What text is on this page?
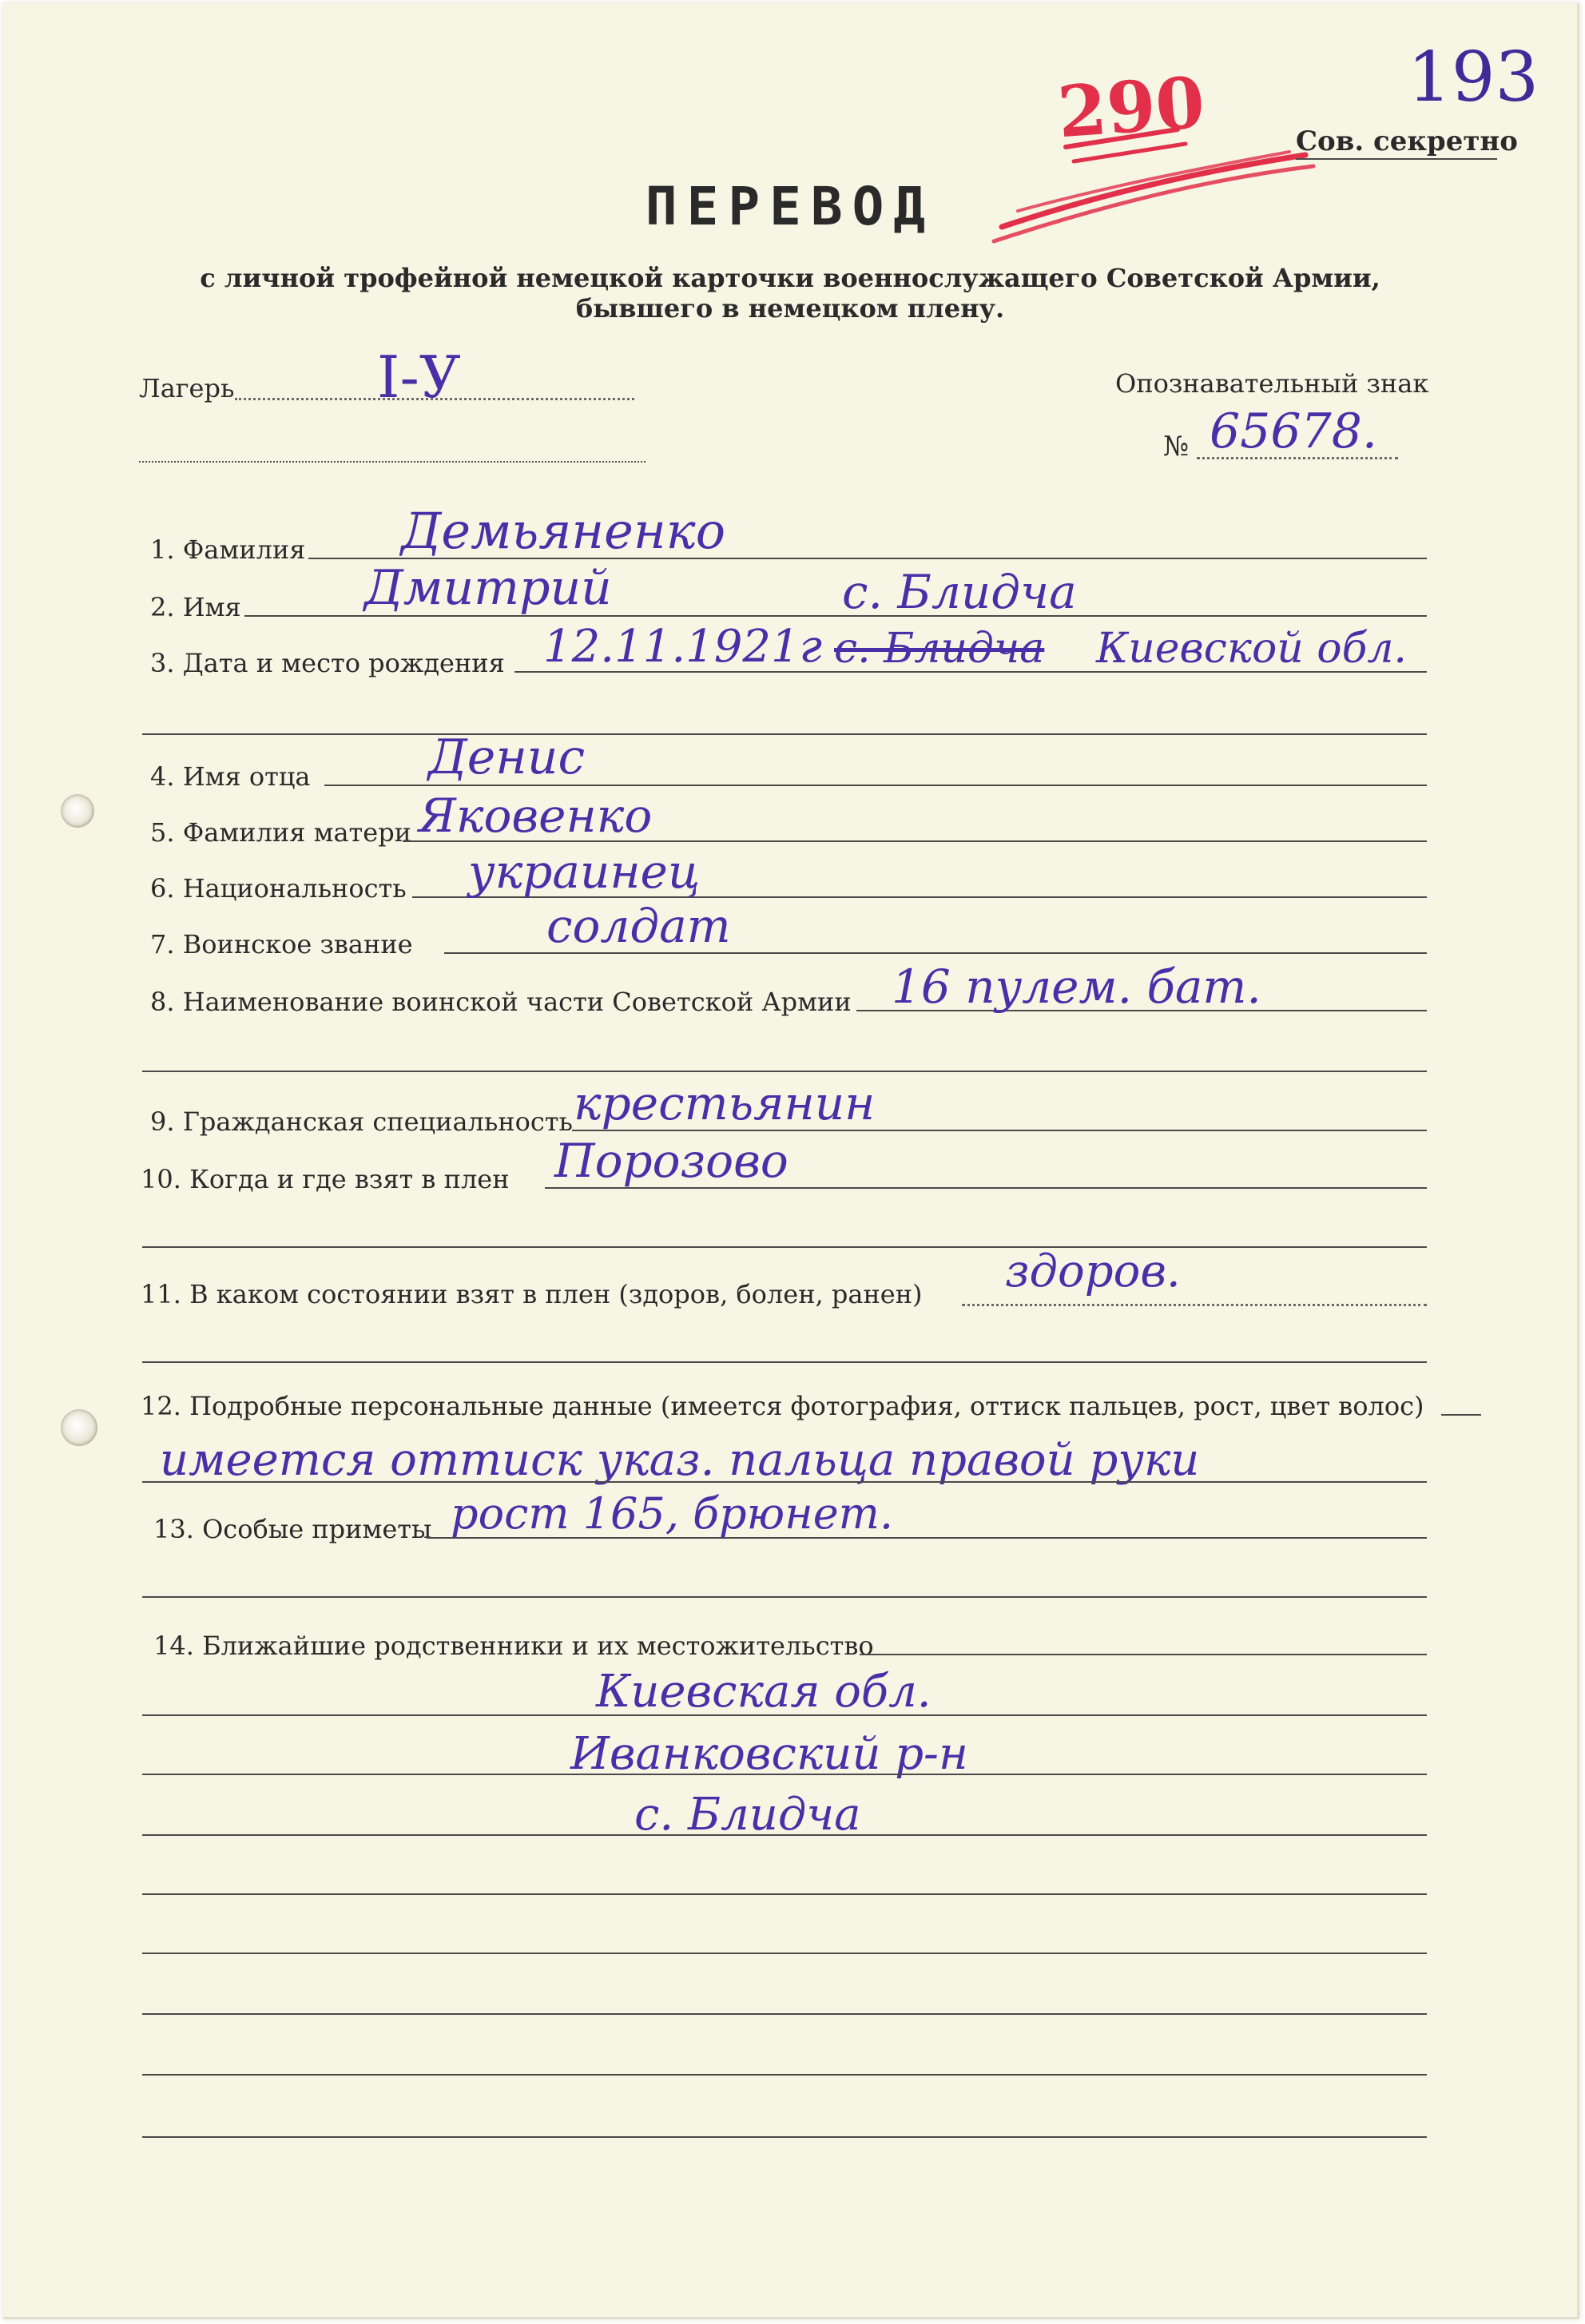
193
290	Сов. секретно
ПЕРЕВОД
с личной трофейной немецкой карточки военнослужащего Советской Армии,
бывшего в немецком плену.
Лагерь I-У	Опознавательный знак
№ 65678.
1. Фамилия Демьяненко
2. Имя	Дмитрий	с. Блидча
3. Дата и место рождения 12.11.1921г с. Блидча Киевской обл.
4. Имя отца Денис
5. Фамилия матери Яковенко
6. Национальность украинец
7. Воинское звание	солдат
8. Наименование воинской части Советской Армии 16 пулем. бат.
9. Гражданская специальность крестьянин
10. Когда и где взят в плен Порозово
11. В каком состоянии взят в плен (здоров, болен, ранен) здоров.
12. Подробные персональные данные (имеется фотография, оттиск пальцев, рост, цвет волос)
имеется оттиск указ. пальца правой руки
13. Особые приметы рост 165, брюнет.
14. Ближайшие родственники и их местожительство
Киевская обл.
Иванковский р-н
с. Блидча
